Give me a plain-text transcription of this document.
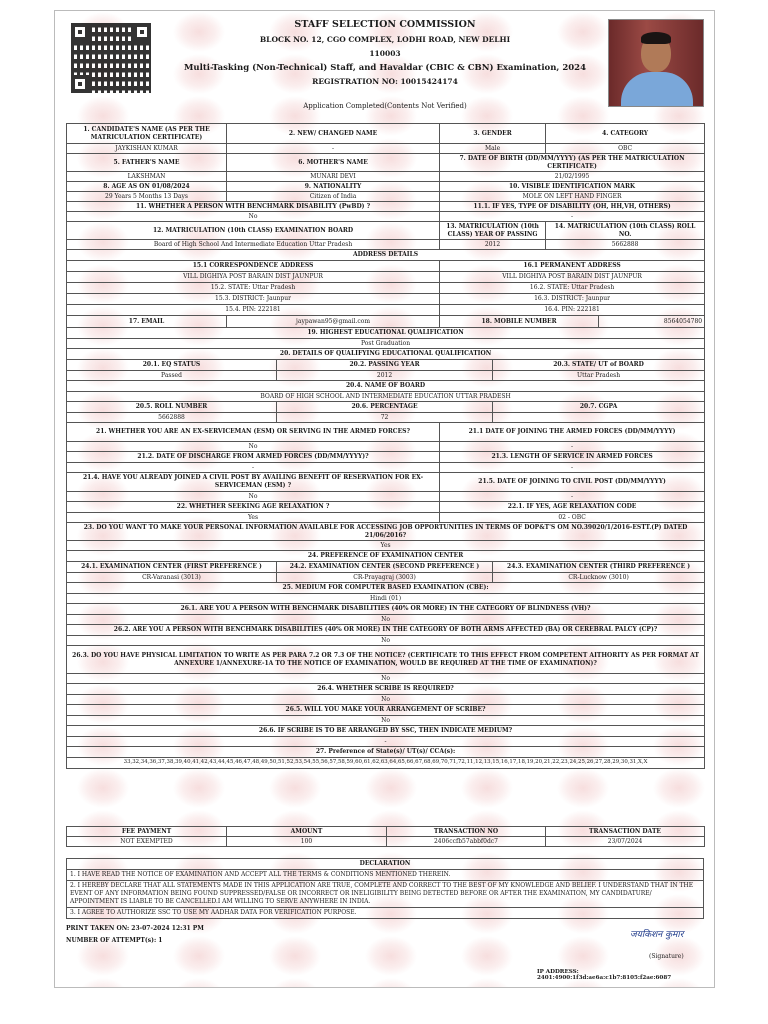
STAFF SELECTION COMMISSION
BLOCK NO. 12, CGO COMPLEX, LODHI ROAD, NEW DELHI
110003
Multi-Tasking (Non-Technical) Staff, and Havaldar (CBIC & CBN) Examination, 2024
REGISTRATION NO: 10015424174
Application Completed(Contents Not Verified)
1. CANDIDATE'S NAME (AS PER THE MATRICULATION CERTIFICATE)	2. NEW/ CHANGED NAME		3. GENDER		4. CATEGORY	
JAYKISHAN KUMAR	-		Male		OBC	
5. FATHER'S NAME	6. MOTHER'S NAME		7. DATE OF BIRTH (DD/MM/YYYY) (AS PER THE MATRICULATION CERTIFICATE)			
LAKSHMAN	MUNARI DEVI		21/02/1995			
8. AGE AS ON 01/08/2024	9. NATIONALITY		10. VISIBLE IDENTIFICATION MARK			
29 Years 5 Months 13 Days	Citizen of India		MOLE ON LEFT HAND FINGER			
11. WHETHER A PERSON WITH BENCHMARK DISABILITY (PwBD) ?			11.1. IF YES, TYPE OF DISABILITY (OH, HH,VH, OTHERS)			
No			-			
12. MATRICULATION (10th CLASS) EXAMINATION BOARD			13. MATRICULATION (10th CLASS) YEAR OF PASSING		14. MATRICULATION (10th CLASS) ROLL NO.	
Board of High School And Intermediate Education Uttar Pradesh			2012		5662888	
ADDRESS DETAILS						
15.1 CORRESPONDENCE ADDRESS			16.1 PERMANENT ADDRESS			
VILL DIGHIYA POST BARAIN DIST JAUNPUR			VILL DIGHIYA POST BARAIN DIST JAUNPUR			
15.2. STATE: Uttar Pradesh			16.2. STATE: Uttar Pradesh			
15.3. DISTRICT: Jaunpur			16.3. DISTRICT: Jaunpur			
15.4. PIN: 222181			16.4. PIN: 222181			
17. EMAIL	jaypawan95@gmail.com		18. MOBILE NUMBER			8564054780
19. HIGHEST EDUCATIONAL QUALIFICATION						
Post Graduation						
20. DETAILS OF QUALIFYING EDUCATIONAL QUALIFICATION						
20.1. EQ STATUS		20.2. PASSING YEAR		20.3. STATE/ UT of BOARD		
Passed		2012		Uttar Pradesh		
20.4. NAME OF BOARD						
BOARD OF HIGH SCHOOL AND INTERMEDIATE EDUCATION UTTAR PRADESH						
20.5. ROLL NUMBER		20.6. PERCENTAGE		20.7. CGPA		
5662888		72				
21. WHETHER YOU ARE AN EX-SERVICEMAN (ESM) OR SERVING IN THE ARMED FORCES?			21.1 DATE OF JOINING THE ARMED FORCES (DD/MM/YYYY)			
No			-			
21.2. DATE OF DISCHARGE FROM ARMED FORCES (DD/MM/YYYY)?			21.3. LENGTH OF SERVICE IN ARMED FORCES			
-			-			
21.4. HAVE YOU ALREADY JOINED A CIVIL POST BY AVAILING BENEFIT OF RESERVATION FOR EX-SERVICEMAN (ESM) ?			21.5. DATE OF JOINING TO CIVIL POST (DD/MM/YYYY)			
No			-			
22. WHETHER SEEKING AGE RELAXATION ?			22.1. IF YES, AGE RELAXATION CODE			
Yes			02 - OBC			
23. DO YOU WANT TO MAKE YOUR PERSONAL INFORMATION AVAILABLE FOR ACCESSING JOB OPPORTUNITIES IN TERMS OF DOP&T'S OM NO.39020/1/2016-ESTT.(P) DATED 21/06/2016?						
Yes						
24. PREFERENCE OF EXAMINATION CENTER						
24.1. EXAMINATION CENTER (FIRST PREFERENCE )		24.2. EXAMINATION CENTER (SECOND PREFERENCE )		24.3. EXAMINATION CENTER (THIRD PREFERENCE )		
CR-Varanasi (3013)		CR-Prayagraj (3003)		CR-Lucknow (3010)		
25. MEDIUM FOR COMPUTER BASED EXAMINATION (CBE):						
Hindi (01)						
26.1. ARE YOU A PERSON WITH BENCHMARK DISABILITIES (40% OR MORE) IN THE CATEGORY OF BLINDNESS (VH)?						
No						
26.2. ARE YOU A PERSON WITH BENCHMARK DISABILITIES (40% OR MORE) IN THE CATEGORY OF BOTH ARMS AFFECTED (BA) OR CEREBRAL PALCY (CP)?						
No						
26.3. DO YOU HAVE PHYSICAL LIMITATION TO WRITE AS PER PARA 7.2 OR 7.3 OF THE NOTICE? (CERTIFICATE TO THIS EFFECT FROM COMPETENT AITHORITY AS PER FORMAT AT ANNEXURE 1/ANNEXURE-1A TO THE NOTICE OF EXAMINATION, WOULD BE REQUIRED AT THE TIME OF EXAMINATION)?						
No						
26.4. WHETHER SCRIBE IS REQUIRED?						
No						
26.5. WILL YOU MAKE YOUR ARRANGEMENT OF SCRIBE?						
No						
26.6. IF SCRIBE IS TO BE ARRANGED BY SSC, THEN INDICATE MEDIUM?						
-						
27. Preference of State(s)/ UT(s)/ CCA(s):						
33,32,34,36,37,38,39,40,41,42,43,44,45,46,47,48,49,50,51,52,53,54,55,56,57,58,59,60,61,62,63,64,65,66,67,68,69,70,71,72,11,12,13,15,16,17,18,19,20,21,22,23,24,25,26,27,28,29,30,31,X,X						
FEE PAYMENT	AMOUNT	TRANSACTION NO	TRANSACTION DATE
NOT EXEMPTED	100	2406ccfb57abbf0dc7	23/07/2024
DECLARATION
1. I HAVE READ THE NOTICE OF EXAMINATION AND ACCEPT ALL THE TERMS & CONDITIONS MENTIONED THEREIN.
2. I HEREBY DECLARE THAT ALL STATEMENTS MADE IN THIS APPLICATION ARE TRUE, COMPLETE AND CORRECT TO THE BEST OF MY KNOWLEDGE AND BELIEF. I UNDERSTAND THAT IN THE EVENT OF ANY INFORMATION BEING FOUND SUPPRESSED/FALSE OR INCORRECT OR INELIGIBILITY BEING DETECTED BEFORE OR AFTER THE EXAMINATION, MY CANDIDATURE/ APPOINTMENT IS LIABLE TO BE CANCELLED.I AM WILLING TO SERVE ANYWHERE IN INDIA.
3. I AGREE TO AUTHORIZE SSC TO USE MY AADHAR DATA FOR VERIFICATION PURPOSE.
PRINT TAKEN ON: 23-07-2024 12:31 PM
NUMBER OF ATTEMPT(s): 1
जयकिशन कुमार
(Signature)
IP ADDRESS: 2401:4900:1f3d:ae6a:c1b7:8105:f2ae:6087
